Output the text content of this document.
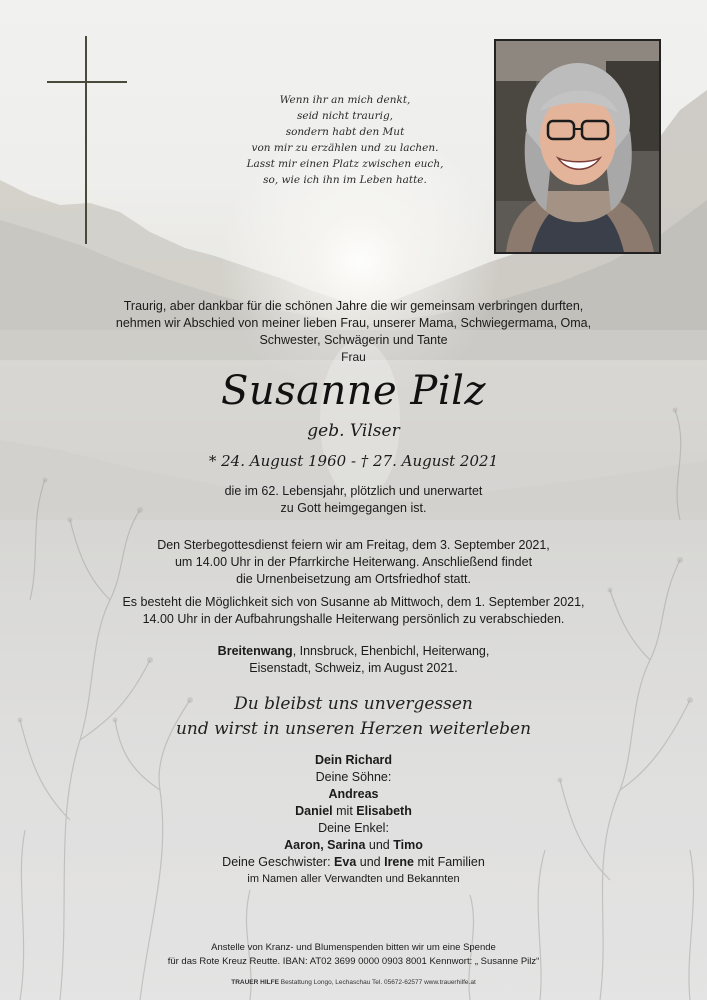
Wenn ihr an mich denkt,
seid nicht traurig,
sondern habt den Mut
von mir zu erzählen und zu lachen.
Lasst mir einen Platz zwischen euch,
so, wie ich ihn im Leben hatte.
Traurig, aber dankbar für die schönen Jahre die wir gemeinsam verbringen durften,
nehmen wir Abschied von meiner lieben Frau, unserer Mama, Schwiegermama, Oma,
Schwester, Schwägerin und Tante
Frau
Susanne Pilz
geb. Vilser
* 24. August 1960 - † 27. August 2021
die im 62. Lebensjahr, plötzlich und unerwartet
zu Gott heimgegangen ist.
Den Sterbegottesdienst feiern wir am Freitag, dem 3. September 2021,
um 14.00 Uhr in der Pfarrkirche Heiterwang. Anschließend findet
die Urnenbeisetzung am Ortsfriedhof statt.
Es besteht die Möglichkeit sich von Susanne ab Mittwoch, dem 1. September 2021,
14.00 Uhr in der Aufbahrungshalle Heiterwang persönlich zu verabschieden.
Breitenwang, Innsbruck, Ehenbichl, Heiterwang,
Eisenstadt, Schweiz, im August 2021.
Du bleibst uns unvergessen
und wirst in unseren Herzen weiterleben
Dein Richard
Deine Söhne:
Andreas
Daniel mit Elisabeth
Deine Enkel:
Aaron, Sarina und Timo
Deine Geschwister: Eva und Irene mit Familien
im Namen aller Verwandten und Bekannten
Anstelle von Kranz- und Blumenspenden bitten wir um eine Spende
für das Rote Kreuz Reutte. IBAN: AT02 3699 0000 0903 8001 Kennwort: „ Susanne Pilz“
TRAUER HILFE Bestattung Longo, Lechaschau Tel. 05672-62577 www.trauerhilfe.at
